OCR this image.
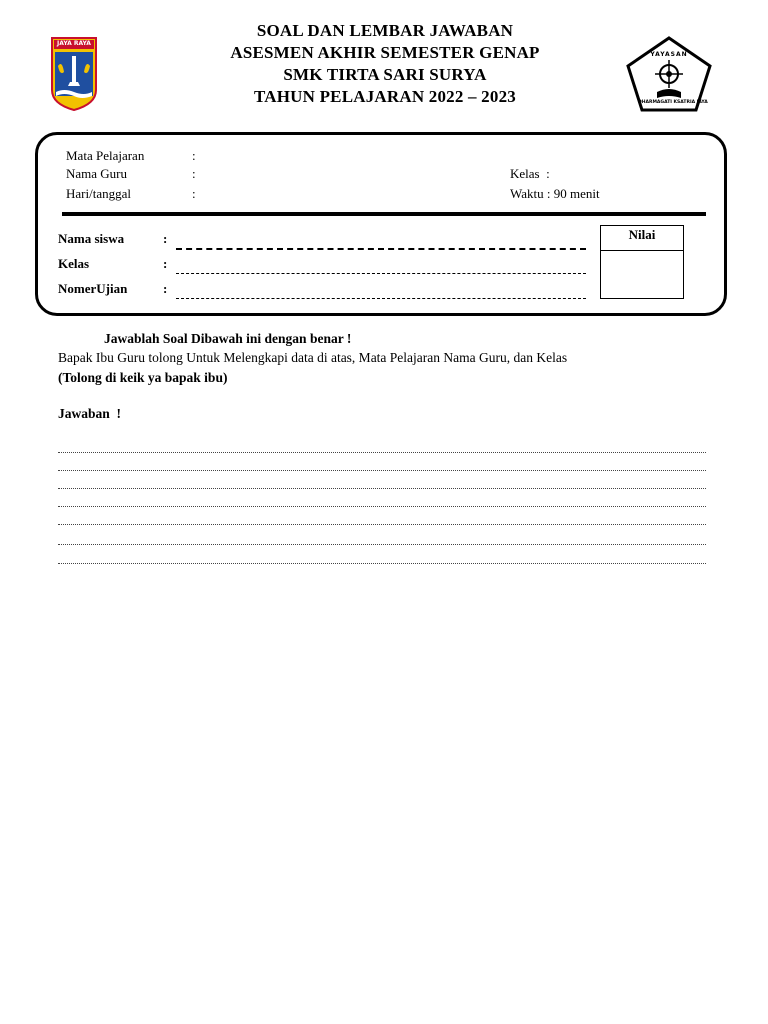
JAYA RAYA
SOAL DAN LEMBAR JAWABAN
ASESMEN AKHIR SEMESTER GENAP
SMK TIRTA SARI SURYA
TAHUN PELAJARAN 2022 – 2023
YAYASAN
DHARMAGATI KSATRIA JAYA
Mata Pelajaran	:
Nama Guru	:
Hari/tanggal	:
Kelas  :
Waktu : 90 menit
Nama siswa	:
Kelas	:
NomerUjian	:
Nilai
Jawablah Soal Dibawah ini dengan benar !
Bapak Ibu Guru tolong Untuk Melengkapi data di atas, Mata Pelajaran Nama Guru, dan Kelas
(Tolong di keik ya bapak ibu)
Jawaban  !
